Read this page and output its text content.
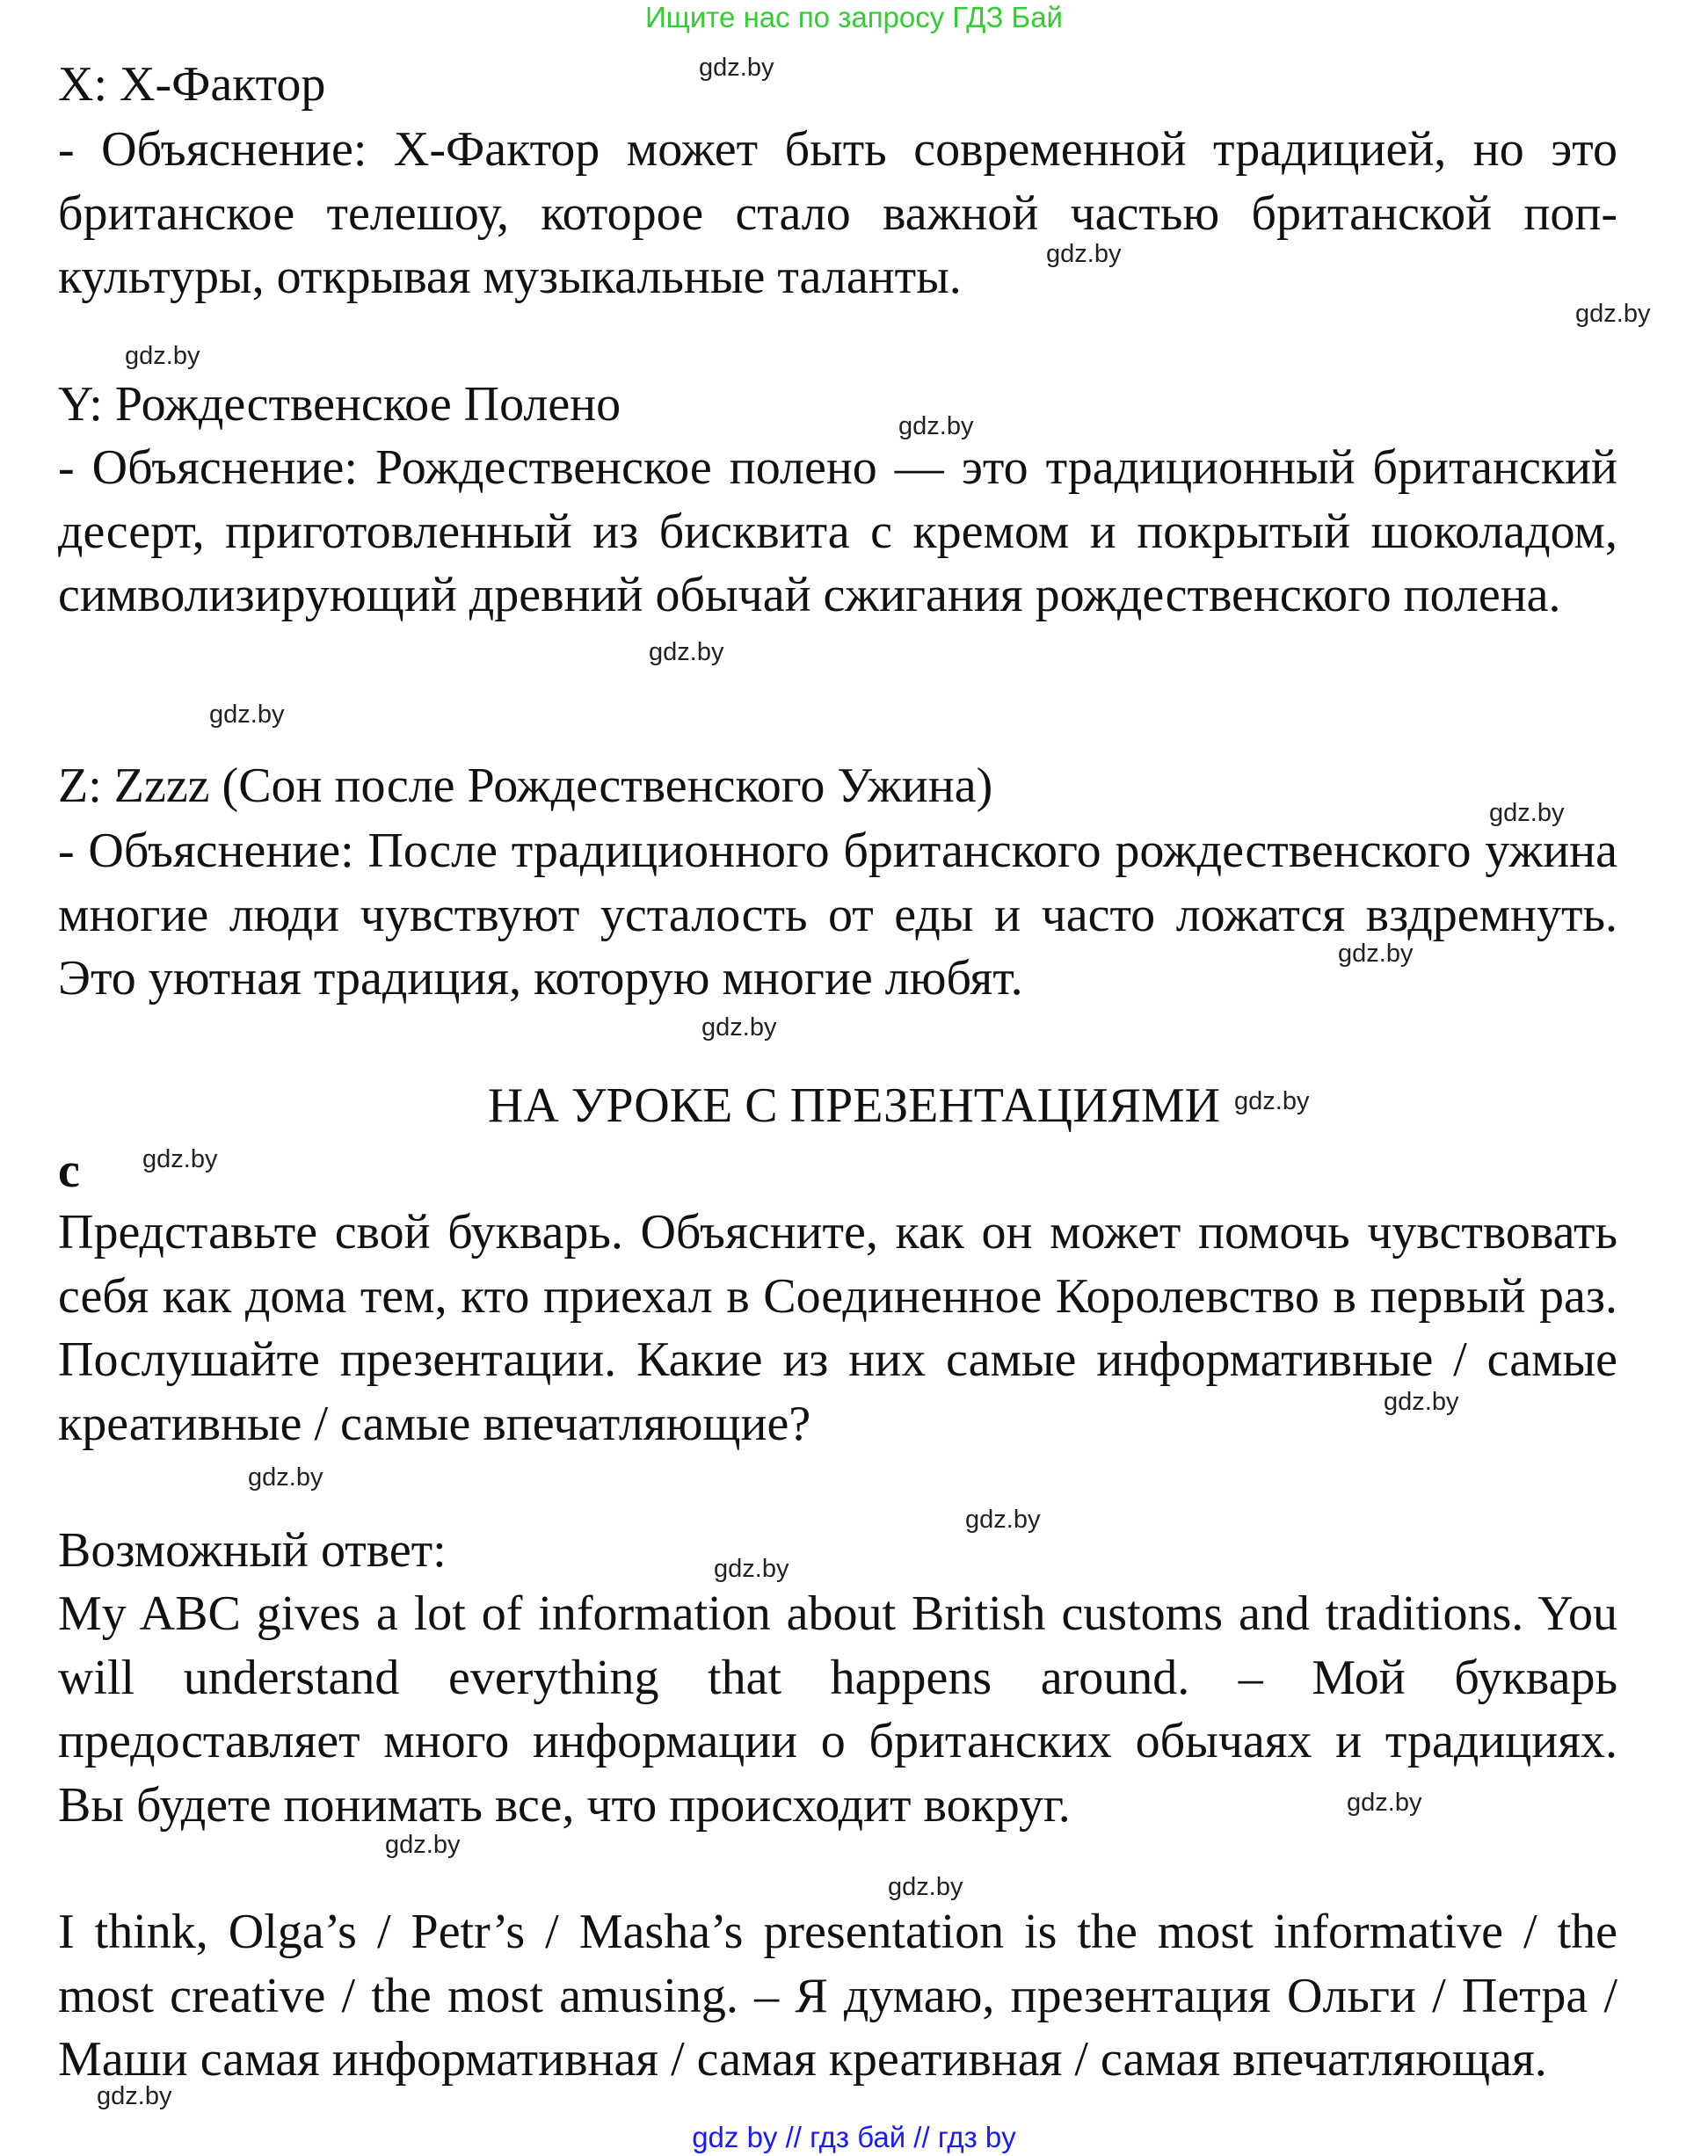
Ищите нас по запросу ГДЗ Бай
X: X-Фактор
- Объяснение: X-Фактор может быть современной традицией, но это британское телешоу, которое стало важной частью британской поп-культуры, открывая музыкальные таланты.
Y: Рождественское Полено
- Объяснение: Рождественское полено — это традиционный британский десерт, приготовленный из бисквита с кремом и покрытый шоколадом, символизирующий древний обычай сжигания рождественского полена.
Z: Zzzz (Сон после Рождественского Ужина)
- Объяснение: После традиционного британского рождественского ужина многие люди чувствуют усталость от еды и часто ложатся вздремнуть. Это уютная традиция, которую многие любят.
НА УРОКЕ С ПРЕЗЕНТАЦИЯМИ
c
Представьте свой букварь. Объясните, как он может помочь чувствовать себя как дома тем, кто приехал в Соединенное Королевство в первый раз. Послушайте презентации. Какие из них самые информативные / самые креативные / самые впечатляющие?
Возможный ответ:
My ABC gives a lot of information about British customs and traditions. You will understand everything that happens around. – Мой букварь предоставляет много информации о британских обычаях и традициях. Вы будете понимать все, что происходит вокруг.
I think, Olga’s / Petr’s / Masha’s presentation is the most informative / the most creative / the most amusing. – Я думаю, презентация Ольги / Петра / Маши самая информативная / самая креативная / самая впечатляющая.
gdz.by
gdz.by
gdz.by
gdz.by
gdz.by
gdz.by
gdz.by
gdz.by
gdz.by
gdz.by
gdz.by
gdz.by
gdz.by
gdz.by
gdz.by
gdz.by
gdz.by
gdz.by
gdz.by
gdz.by
gdz by // гдз бай // гдз by
